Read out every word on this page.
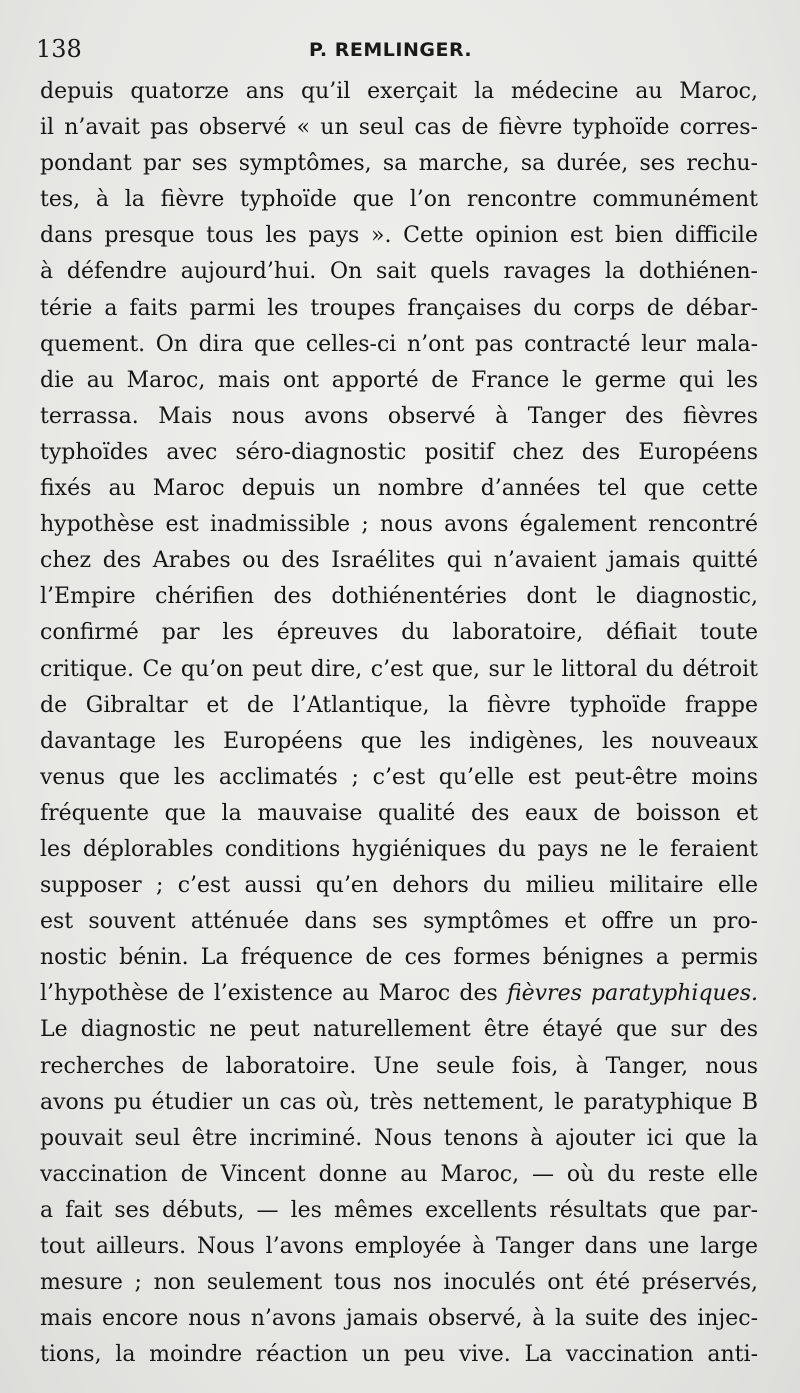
138	P. REMLINGER.
depuis quatorze ans qu’il exerçait la médecine au Maroc,
il n’avait pas observé « un seul cas de fièvre typhoïde corres-
pondant par ses symptômes, sa marche, sa durée, ses rechu-
tes, à la fièvre typhoïde que l’on rencontre communément
dans presque tous les pays ». Cette opinion est bien difficile
à défendre aujourd’hui. On sait quels ravages la dothiénen-
térie a faits parmi les troupes françaises du corps de débar-
quement. On dira que celles-ci n’ont pas contracté leur mala-
die au Maroc, mais ont apporté de France le germe qui les
terrassa. Mais nous avons observé à Tanger des fièvres
typhoïdes avec séro-diagnostic positif chez des Européens
fixés au Maroc depuis un nombre d’années tel que cette
hypothèse est inadmissible ; nous avons également rencontré
chez des Arabes ou des Israélites qui n’avaient jamais quitté
l’Empire chérifien des dothiénentéries dont le diagnostic,
confirmé par les épreuves du laboratoire, défiait toute
critique. Ce qu’on peut dire, c’est que, sur le littoral du détroit
de Gibraltar et de l’Atlantique, la fièvre typhoïde frappe
davantage les Européens que les indigènes, les nouveaux
venus que les acclimatés ; c’est qu’elle est peut-être moins
fréquente que la mauvaise qualité des eaux de boisson et
les déplorables conditions hygiéniques du pays ne le feraient
supposer ; c’est aussi qu’en dehors du milieu militaire elle
est souvent atténuée dans ses symptômes et offre un pro-
nostic bénin. La fréquence de ces formes bénignes a permis
l’hypothèse de l’existence au Maroc des fièvres paratyphiques.
Le diagnostic ne peut naturellement être étayé que sur des
recherches de laboratoire. Une seule fois, à Tanger, nous
avons pu étudier un cas où, très nettement, le paratyphique B
pouvait seul être incriminé. Nous tenons à ajouter ici que la
vaccination de Vincent donne au Maroc, — où du reste elle
a fait ses débuts, — les mêmes excellents résultats que par-
tout ailleurs. Nous l’avons employée à Tanger dans une large
mesure ; non seulement tous nos inoculés ont été préservés,
mais encore nous n’avons jamais observé, à la suite des injec-
tions, la moindre réaction un peu vive. La vaccination anti-
